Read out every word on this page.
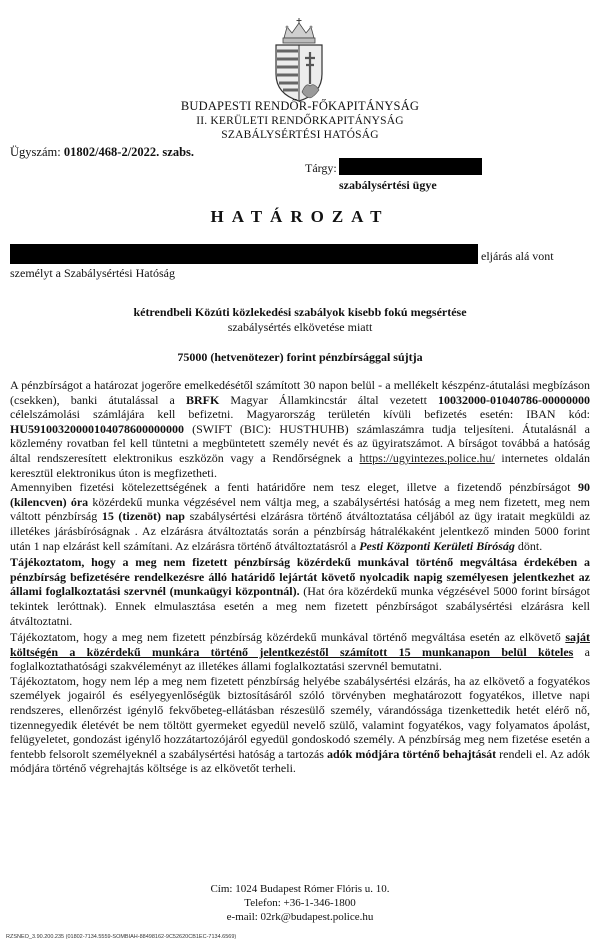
BUDAPESTI RENDŐR-FŐKAPITÁNYSÁG
II. KERÜLETI RENDŐRKAPITÁNYSÁG
SZABÁLYSÉRTÉSI HATÓSÁG
Ügyszám: 01802/468-2/2022. szabs.
Tárgy:
szabálysértési ügye
HATÁROZAT
eljárás alá vont
személyt a Szabálysértési Hatóság
kétrendbeli Közúti közlekedési szabályok kisebb fokú megsértése
szabálysértés elkövetése miatt
75000 (hetvenötezer) forint pénzbírsággal sújtja

A pénzbírságot a határozat jogerőre emelkedésétől számított 30 napon belül - a mellékelt készpénz-átutalási megbízáson (csekken), banki átutalással a BRFK Magyar Államkincstár által vezetett 10032000-01040786-00000000 célelszámolási számlájára kell befizetni. Magyarország területén kívüli befizetés esetén: IBAN kód: HU59100320000104078600000000 (SWIFT (BIC): HUSTHUHB) számlaszámra tudja teljesíteni. Átutalásnál a közlemény rovatban fel kell tüntetni a megbüntetett személy nevét és az ügyiratszámot. A bírságot továbbá a hatóság által rendszeresített elektronikus eszközön vagy a Rendőrségnek a https://ugyintezes.police.hu/ internetes oldalán keresztül elektronikus úton is megfizetheti.

Amennyiben fizetési kötelezettségének a fenti határidőre nem tesz eleget, illetve a fizetendő pénzbírságot 90 (kilencven) óra közérdekű munka végzésével nem váltja meg, a szabálysértési hatóság a meg nem fizetett, meg nem váltott pénzbírság 15 (tizenöt) nap szabálysértési elzárásra történő átváltoztatása céljából az ügy iratait megküldi az illetékes járásbíróságnak . Az elzárásra átváltoztatás során a pénzbírság hátralékaként jelentkező minden 5000 forint után 1 nap elzárást kell számítani. Az elzárásra történő átváltoztatásról a Pesti Központi Kerületi Bíróság dönt.

Tájékoztatom, hogy a meg nem fizetett pénzbírság közérdekű munkával történő megváltása érdekében a pénzbírság befizetésére rendelkezésre álló határidő lejártát követő nyolcadik napig személyesen jelentkezhet az állami foglalkoztatási szervnél (munkaügyi központnál). (Hat óra közérdekű munka végzésével 5000 forint bírságot tekintek leróttnak). Ennek elmulasztása esetén a meg nem fizetett pénzbírságot szabálysértési elzárásra kell átváltoztatni.

Tájékoztatom, hogy a meg nem fizetett pénzbírság közérdekű munkával történő megváltása esetén az elkövető saját költségén a közérdekű munkára történő jelentkezéstől számított 15 munkanapon belül köteles a foglalkoztathatósági szakvéleményt az illetékes állami foglalkoztatási szervnél bemutatni.

Tájékoztatom, hogy nem lép a meg nem fizetett pénzbírság helyébe szabálysértési elzárás, ha az elkövető a fogyatékos személyek jogairól és esélyegyenlőségük biztosításáról szóló törvényben meghatározott fogyatékos, illetve napi rendszeres, ellenőrzést igénylő fekvőbeteg-ellátásban részesülő személy, várandóssága tizenkettedik hetét elérő nő, tizennegyedik életévét be nem töltött gyermeket egyedül nevelő szülő, valamint fogyatékos, vagy folyamatos ápolást, felügyeletet, gondozást igénylő hozzátartozójáról egyedül gondoskodó személy. A pénzbírság meg nem fizetése esetén a fentebb felsorolt személyeknél a szabálysértési hatóság a tartozás adók módjára történő behajtását rendeli el. Az adók módjára történő végrehajtás költsége is az elkövetőt terheli.

Cím: 1024 Budapest Rómer Flóris u. 10.
Telefon: +36-1-346-1800
e-mail: 02rk@budapest.police.hu
RZSNEO_3.90.200.235 (01802-7134.5559-SOMBIAH-88498162-9C52620CB1EC-7134.6569)
